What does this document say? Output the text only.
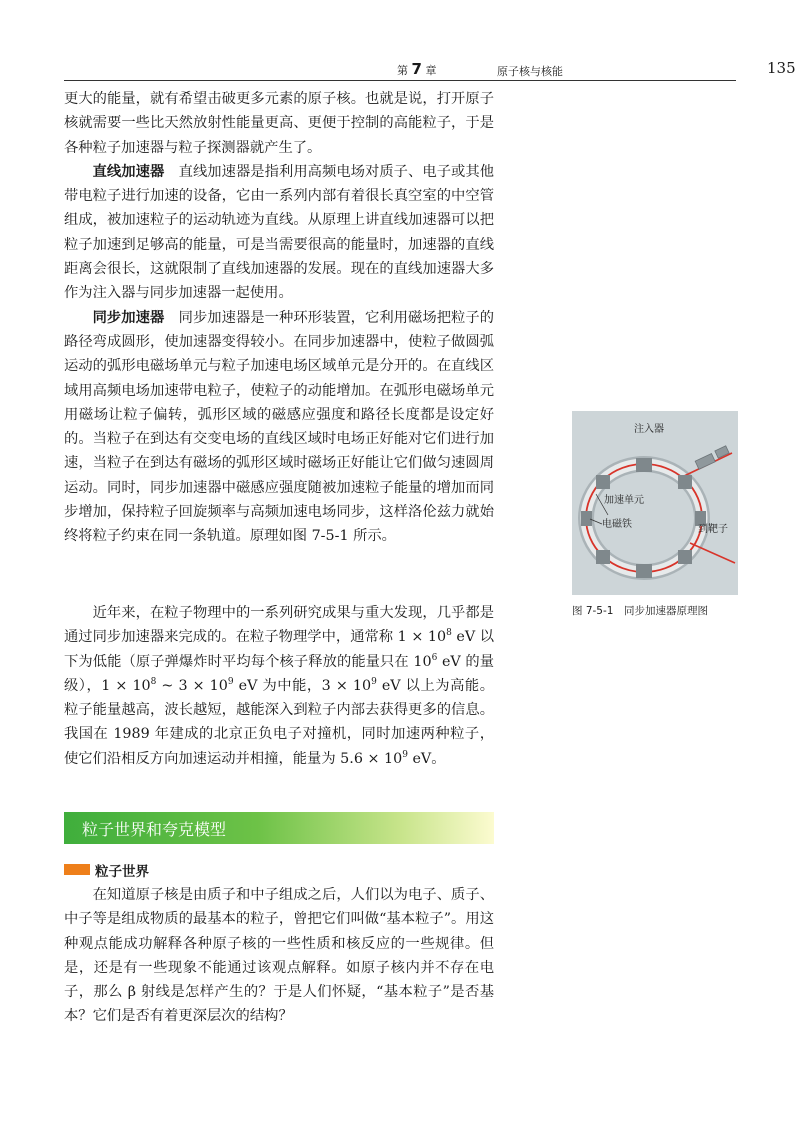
第 7 章	原子核与核能	135

更大的能量，就有希望击破更多元素的原子核。也就是说，打开原子核就需要一些比天然放射性能量更高、更便于控制的高能粒子，于是各种粒子加速器与粒子探测器就产生了。

直线加速器　 直线加速器是指利用高频电场对质子、电子或其他带电粒子进行加速的设备，它由一系列内部有着很长真空室的中空管组成，被加速粒子的运动轨迹为直线。从原理上讲直线加速器可以把粒子加速到足够高的能量，可是当需要很高的能量时，加速器的直线距离会很长，这就限制了直线加速器的发展。现在的直线加速器大多作为注入器与同步加速器一起使用。

同步加速器　 同步加速器是一种环形装置，它利用磁场把粒子的路径弯成圆形，使加速器变得较小。在同步加速器中，使粒子做圆弧运动的弧形电磁场单元与粒子加速电场区域单元是分开的。在直线区域用高频电场加速带电粒子，使粒子的动能增加。在弧形电磁场单元用磁场让粒子偏转，弧形区域的磁感应强度和路径长度都是设定好的。当粒子在到达有交变电场的直线区域时电场正好能对它们进行加速，当粒子在到达有磁场的弧形区域时磁场正好能让它们做匀速圆周运动。同时，同步加速器中磁感应强度随被加速粒子能量的增加而同步增加，保持粒子回旋频率与高频加速电场同步，这样洛伦兹力就始终将粒子约束在同一条轨道。原理如图 7-5-1 所示。

近年来，在粒子物理中的一系列研究成果与重大发现，几乎都是通过同步加速器来完成的。在粒子物理学中，通常称 $1 \times 10^8$ eV 以下为低能（原子弹爆炸时平均每个核子释放的能量只在 $10^6$ eV 的量级），$1 \times 10^8$ ~ $3 \times 10^9$ eV 为中能，$3 \times 10^9$ eV 以上为高能。粒子能量越高，波长越短，越能深入到粒子内部去获得更多的信息。我国在 1989 年建成的北京正负电子对撞机，同时加速两种粒子，使它们沿相反方向加速运动并相撞，能量为 $5.6 \times 10^9$ eV。

粒子世界和夸克模型
粒子世界

在知道原子核是由质子和中子组成之后，人们以为电子、质子、中子等是组成物质的最基本的粒子，曾把它们叫做“基本粒子”。用这种观点能成功解释各种原子核的一些性质和核反应的一些规律。但是，还是有一些现象不能通过该观点解释。如原子核内并不存在电子，那么 β 射线是怎样产生的？于是人们怀疑，“基本粒子”是否基本？它们是否有着更深层次的结构？

注入器
加速单元
电磁铁	到靶子
图 7-5-1　同步加速器原理图
